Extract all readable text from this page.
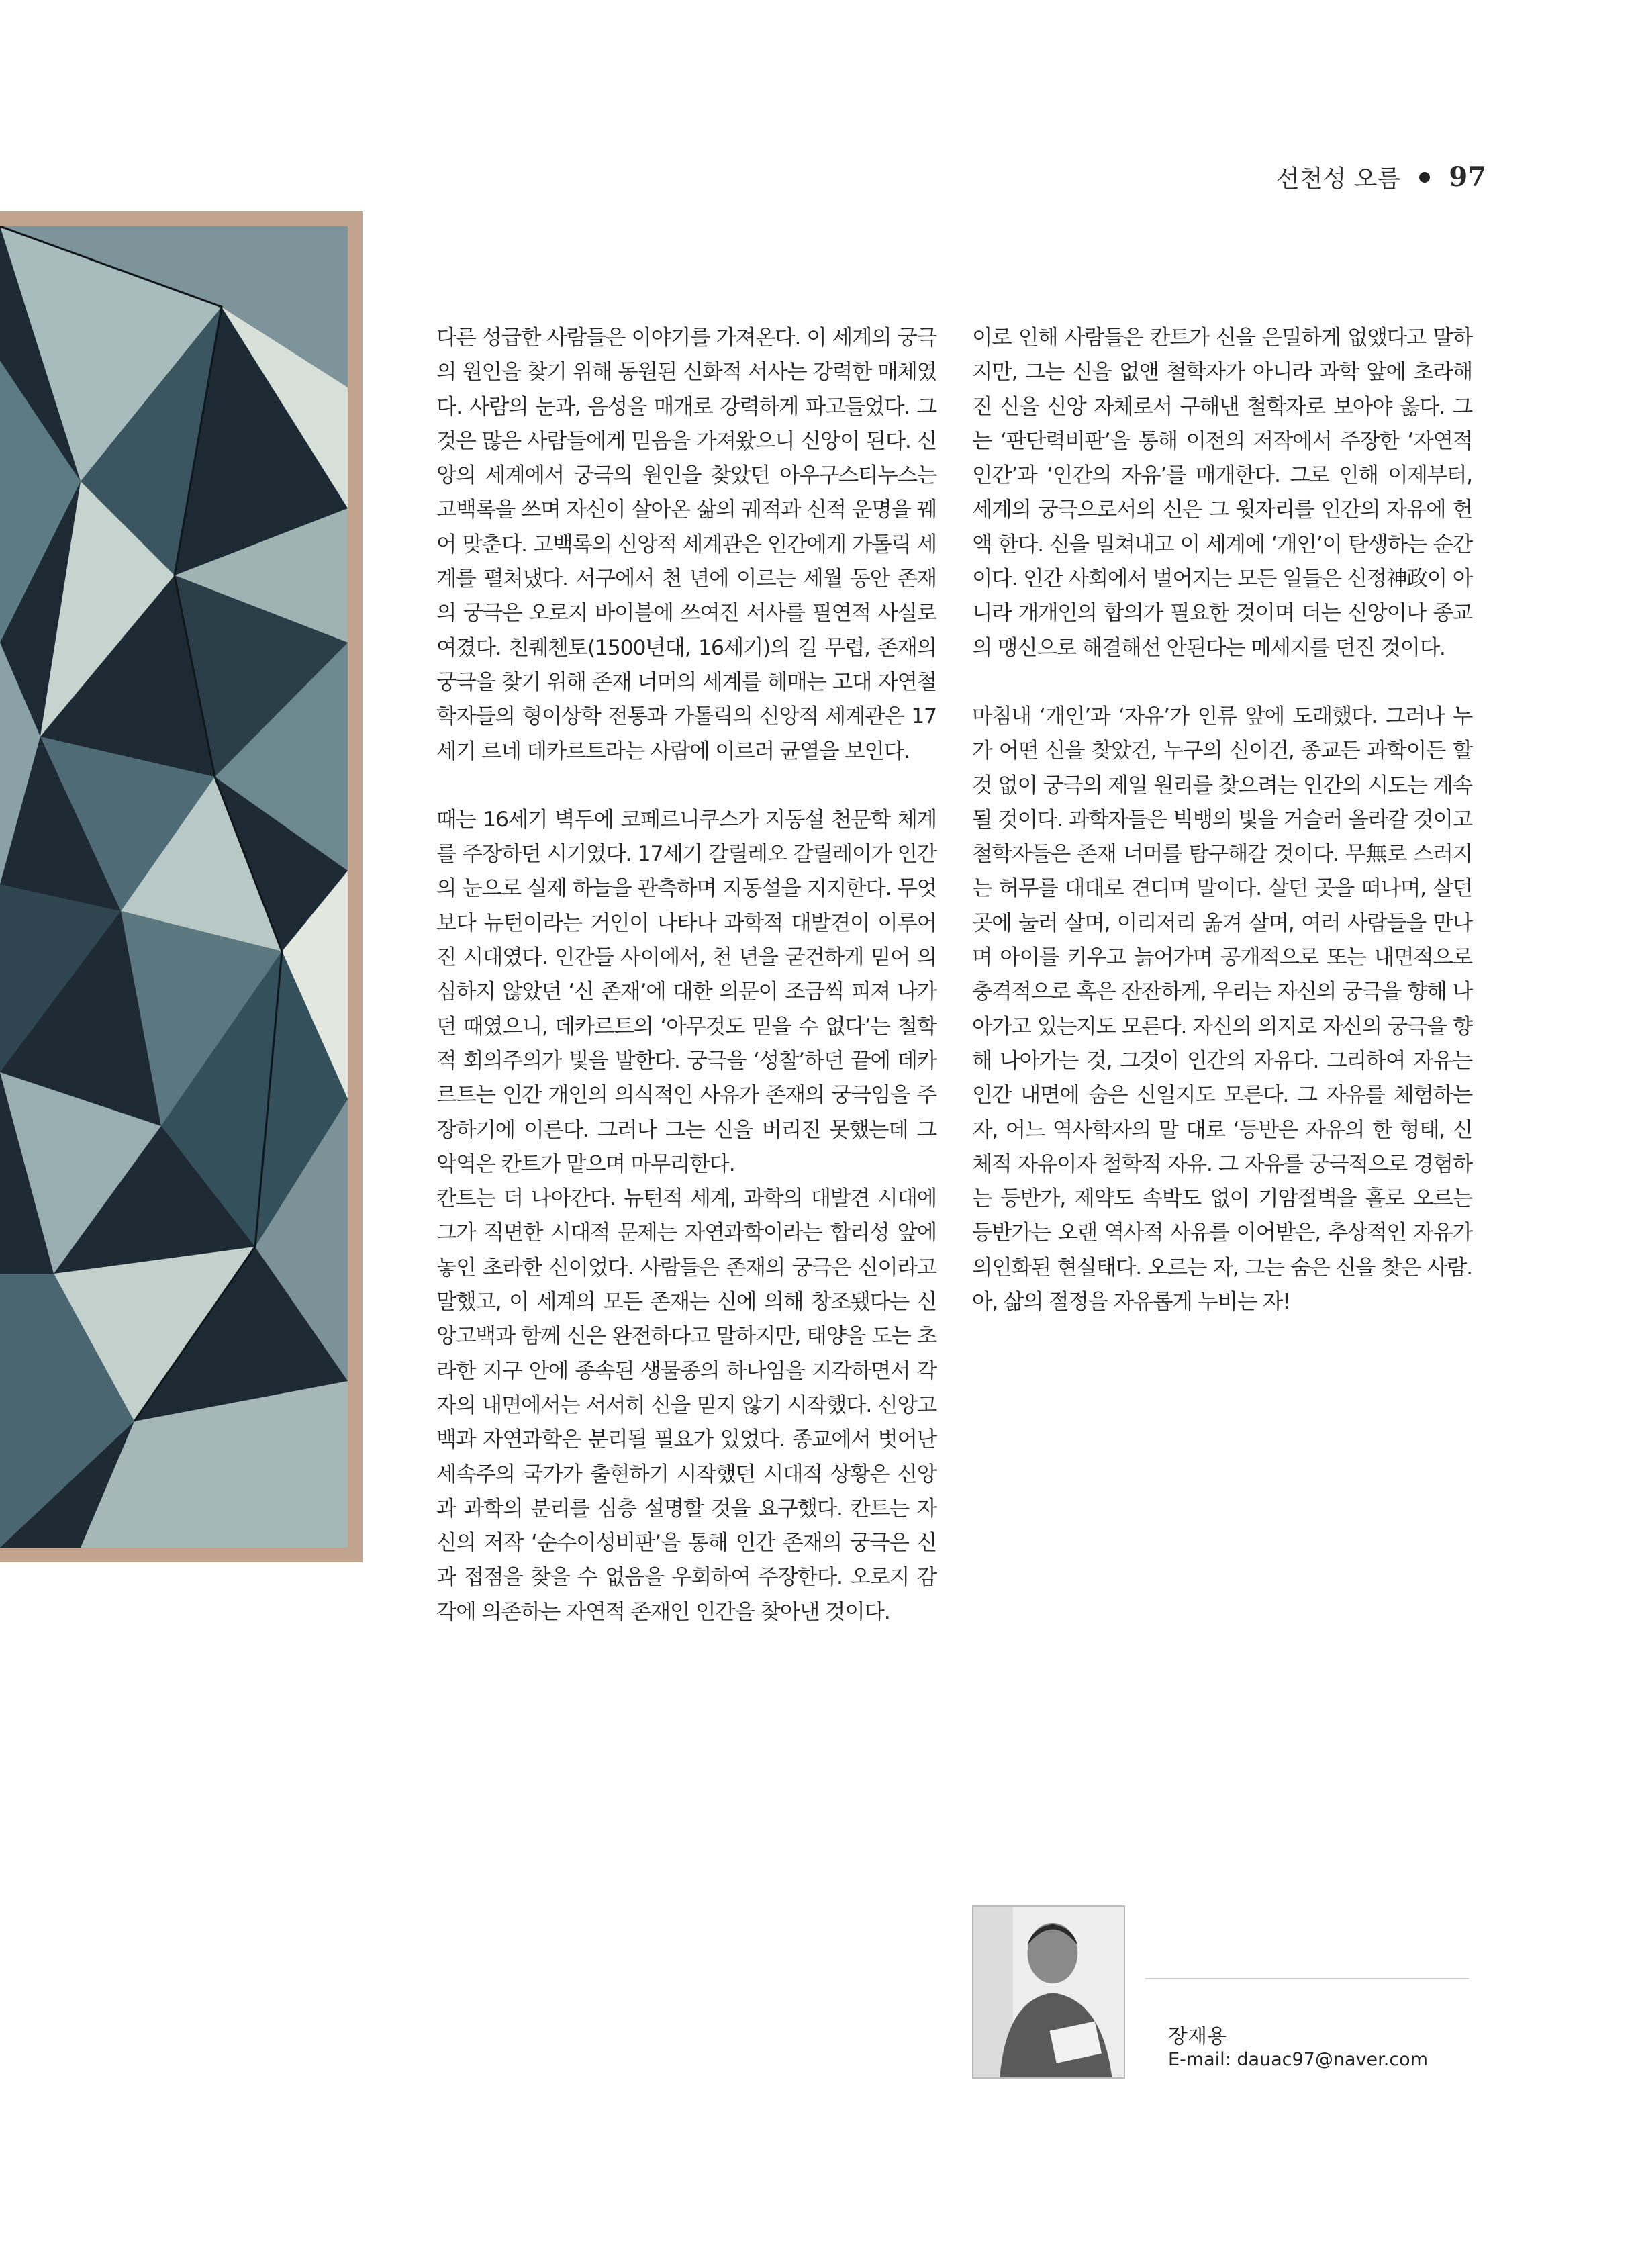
선천성 오름 97

다른 성급한 사람들은 이야기를 가져온다. 이 세계의 궁극의 원인을 찾기 위해 동원된 신화적 서사는 강력한 매체였다. 사람의 눈과, 음성을 매개로 강력하게 파고들었다. 그것은 많은 사람들에게 믿음을 가져왔으니 신앙이 된다. 신앙의 세계에서 궁극의 원인을 찾았던 아우구스티누스는 고백록을 쓰며 자신이 살아온 삶의 궤적과 신적 운명을 꿰어 맞춘다. 고백록의 신앙적 세계관은 인간에게 가톨릭 세계를 펼쳐냈다. 서구에서 천 년에 이르는 세월 동안 존재의 궁극은 오로지 바이블에 쓰여진 서사를 필연적 사실로 여겼다. 친퀘첸토(1500년대, 16세기)의 길 무렵, 존재의 궁극을 찾기 위해 존재 너머의 세계를 헤매는 고대 자연철학자들의 형이상학 전통과 가톨릭의 신앙적 세계관은 17세기 르네 데카르트라는 사람에 이르러 균열을 보인다.

때는 16세기 벽두에 코페르니쿠스가 지동설 천문학 체계를 주장하던 시기였다. 17세기 갈릴레오 갈릴레이가 인간의 눈으로 실제 하늘을 관측하며 지동설을 지지한다. 무엇보다 뉴턴이라는 거인이 나타나 과학적 대발견이 이루어진 시대였다. 인간들 사이에서, 천 년을 굳건하게 믿어 의심하지 않았던 ‘신 존재’에 대한 의문이 조금씩 피져 나가던 때였으니, 데카르트의 ‘아무것도 믿을 수 없다’는 철학적 회의주의가 빛을 발한다. 궁극을 ‘성찰’하던 끝에 데카르트는 인간 개인의 의식적인 사유가 존재의 궁극임을 주장하기에 이른다. 그러나 그는 신을 버리진 못했는데 그 악역은 칸트가 맡으며 마무리한다.

칸트는 더 나아간다. 뉴턴적 세계, 과학의 대발견 시대에 그가 직면한 시대적 문제는 자연과학이라는 합리성 앞에 놓인 초라한 신이었다. 사람들은 존재의 궁극은 신이라고 말했고, 이 세계의 모든 존재는 신에 의해 창조됐다는 신앙고백과 함께 신은 완전하다고 말하지만, 태양을 도는 초라한 지구 안에 종속된 생물종의 하나임을 지각하면서 각자의 내면에서는 서서히 신을 믿지 않기 시작했다. 신앙고백과 자연과학은 분리될 필요가 있었다. 종교에서 벗어난 세속주의 국가가 출현하기 시작했던 시대적 상황은 신앙과 과학의 분리를 심층 설명할 것을 요구했다. 칸트는 자신의 저작 ‘순수이성비판’을 통해 인간 존재의 궁극은 신과 접점을 찾을 수 없음을 우회하여 주장한다. 오로지 감각에 의존하는 자연적 존재인 인간을 찾아낸 것이다.

이로 인해 사람들은 칸트가 신을 은밀하게 없앴다고 말하지만, 그는 신을 없앤 철학자가 아니라 과학 앞에 초라해진 신을 신앙 자체로서 구해낸 철학자로 보아야 옳다. 그는 ‘판단력비판’을 통해 이전의 저작에서 주장한 ‘자연적 인간’과 ‘인간의 자유’를 매개한다. 그로 인해 이제부터, 세계의 궁극으로서의 신은 그 윗자리를 인간의 자유에 헌액 한다. 신을 밀쳐내고 이 세계에 ‘개인’이 탄생하는 순간이다. 인간 사회에서 벌어지는 모든 일들은 신정神政이 아니라 개개인의 합의가 필요한 것이며 더는 신앙이나 종교의 맹신으로 해결해선 안된다는 메세지를 던진 것이다.

마침내 ‘개인’과 ‘자유’가 인류 앞에 도래했다. 그러나 누가 어떤 신을 찾았건, 누구의 신이건, 종교든 과학이든 할 것 없이 궁극의 제일 원리를 찾으려는 인간의 시도는 계속될 것이다. 과학자들은 빅뱅의 빛을 거슬러 올라갈 것이고 철학자들은 존재 너머를 탐구해갈 것이다. 무無로 스러지는 허무를 대대로 견디며 말이다. 살던 곳을 떠나며, 살던 곳에 눌러 살며, 이리저리 옮겨 살며, 여러 사람들을 만나며 아이를 키우고 늙어가며 공개적으로 또는 내면적으로 충격적으로 혹은 잔잔하게, 우리는 자신의 궁극을 향해 나아가고 있는지도 모른다. 자신의 의지로 자신의 궁극을 향해 나아가는 것, 그것이 인간의 자유다. 그리하여 자유는 인간 내면에 숨은 신일지도 모른다. 그 자유를 체험하는 자, 어느 역사학자의 말 대로 ‘등반은 자유의 한 형태, 신체적 자유이자 철학적 자유. 그 자유를 궁극적으로 경험하는 등반가, 제약도 속박도 없이 기암절벽을 홀로 오르는 등반가는 오랜 역사적 사유를 이어받은, 추상적인 자유가 의인화된 현실태다. 오르는 자, 그는 숨은 신을 찾은 사람. 아, 삶의 절정을 자유롭게 누비는 자!

장재용
E-mail: dauac97@naver.com
